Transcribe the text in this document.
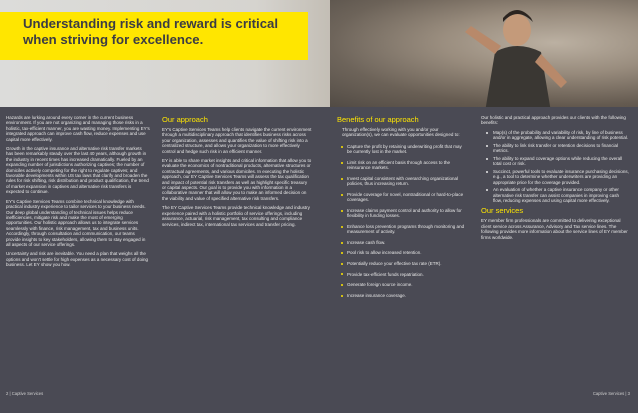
Understanding risk and reward is critical when striving for excellence.

Hazards are lurking around every corner in the current business environment. If you are not organizing and managing those risks in a holistic, tax-efficient manner, you are wasting money. Implementing EY's integrated approach can improve cash flow, reduce expenses and use capital more effectively.

Growth in the captive insurance and alternative risk transfer markets has been remarkably steady over the last 40 years, although growth in the industry in recent times has increased dramatically. Fueled by an expanding number of jurisdictions authorizing captives; the number of domiciles actively competing for the right to regulate captives; and favorable developments within US tax laws that clarify and broaden the rules for risk shifting, risk distribution and product qualification, the trend of market expansion in captives and alternative risk transfers is expected to continue.

EY's Captive Services Teams combine technical knowledge with practical industry experience to tailor services to your business needs. Our deep global understanding of technical issues helps reduce inefficiencies, mitigate risk and make the most of emerging opportunities. Our holistic approach allows us to integrate services seamlessly with finance, risk management, tax and business units. Accordingly, through consultation and communication, our teams provide insights to key stakeholders, allowing them to stay engaged in all aspects of our service offerings.

Uncertainty and risk are inevitable. You need a plan that weighs all the options and won't settle for high expenses as a necessary cost of doing business. Let EY show you how.

Our approach

EY's Captive Services Teams help clients navigate the current environment through a multidisciplinary approach that identifies business risks across your organization, assesses and quantifies the value of shifting risk into a centralized structure, and allows your organization to more effectively control and hedge such risk in an efficient manner.

EY is able to share market insights and critical information that allow you to evaluate the economics of nontraditional products, alternative structures or contractual agreements, and various domiciles. In executing the holistic approach, our EY Captive Services Teams will assess the tax qualification and impact of potential risk transfers as well as highlight specific treasury or capital aspects. Our goal is to provide you with information in a collaborative manner that will allow you to make an informed decision on the viability and value of specified alternative risk transfers.

The EY Captive Services Teams provide technical knowledge and industry experience paired with a holistic portfolio of service offerings, including assurance, actuarial, risk management, tax consulting and compliance services, indirect tax, international tax services and transfer pricing.

Benefits of our approach

Through effectively working with you and/or your organization(s), we can evaluate opportunities designed to:

Capture the profit by retaining underwriting profit that may be currently lost in the market.
Limit risk on an efficient basis through access to the reinsurance markets.
Invest capital consistent with overarching organizational policies, thus increasing return.
Provide coverage for novel, nontraditional or hard-to-place coverages.
Increase claims payment control and authority to allow for flexibility in funding losses.
Enhance loss prevention programs through monitoring and measurement of activity.
Increase cash flow.
Pool risk to allow increased retention.
Potentially reduce your effective tax rate (ETR).
Provide tax-efficient funds repatriation.
Generate foreign source income.
Increase insurance coverage.

Our holistic and practical approach provides our clients with the following benefits:

Map(s) of the probability and variability of risk, by line of business and/or in aggregate, allowing a clear understanding of risk potential.
The ability to link risk transfer or retention decisions to financial metrics.
The ability to expand coverage options while reducing the overall total cost or risk.
Succinct, powerful tools to evaluate insurance purchasing decisions, e.g., a tool to determine whether underwriters are providing an appropriate price for the coverage provided.
An evaluation of whether a captive insurance company or other alternative risk transfer can assist companies in improving cash flow, reducing expenses and using capital more effectively.
Our services

EY member firm professionals are committed to delivering exceptional client service across Assurance, Advisory and Tax service lines. The following provides more information about the service lines of EY member firms worldwide.

2 | Captive Services	Captive Services | 3
